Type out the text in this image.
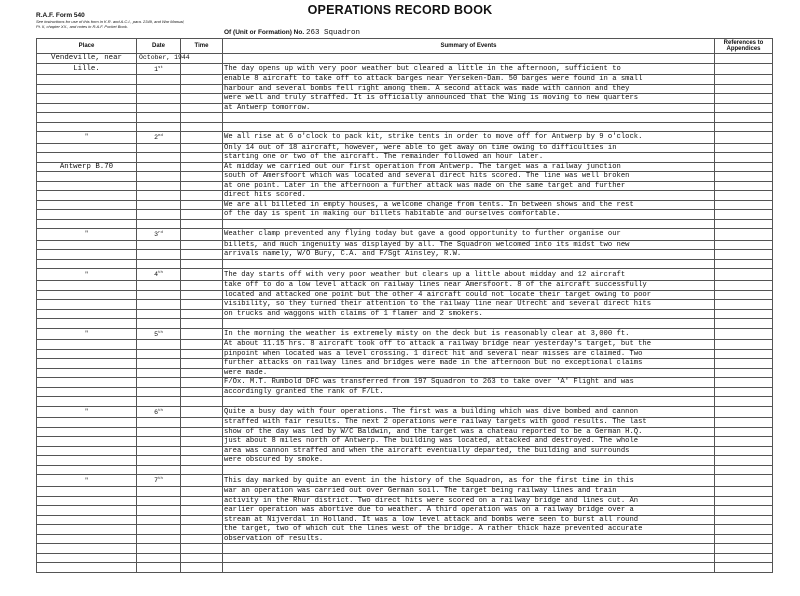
R.A.F. Form 540
See instructions for use of this form in K.R. and A.C.I., para. 2349, and War Manual, Pt. II, chapter XX., and notes in R.A.F. Pocket Book.
OPERATIONS RECORD BOOK
Of (Unit or Formation) No. 263 Squadron
Place	Date	Time	Summary of Events	References to Appendices
Vendeville, near	October, 1944			
Lille.	1st		The day opens up with very poor weather but cleared a little in the afternoon, sufficient to	
			enable 8 aircraft to take off to attack barges near Yerseken-Dam. 50 barges were found in a small	
			harbour and several bombs fell right among them. A second attack was made with cannon and they	
			were well and truly straffed. It is officially announced that the Wing is moving to new quarters	
			at Antwerp tomorrow.	

"	2nd		We all rise at 6 o'clock to pack kit, strike tents in order to move off for Antwerp by 9 o'clock.	
			Only 14 out of 18 aircraft, however, were able to get away on time owing to difficulties in	
			starting one or two of the aircraft. The remainder followed an hour later.	
Antwerp B.70			At midday we carried out our first operation from Antwerp. The target was a railway junction	
			south of Amersfoort which was located and several direct hits scored. The line was well broken	
			at one point. Later in the afternoon a further attack was made on the same target and further	
			direct hits scored.	
			We are all billeted in empty houses, a welcome change from tents. In between shows and the rest	
			of the day is spent in making our billets habitable and ourselves comfortable.	

"	3rd		Weather clamp prevented any flying today but gave a good opportunity to further organise our	
			billets, and much ingenuity was displayed by all. The Squadron welcomed into its midst two new	
			arrivals namely, W/O Bury, C.A. and F/Sgt Ainsley, R.W.	

"	4th		The day starts off with very poor weather but clears up a little about midday and 12 aircraft	
			take off to do a low level attack on railway lines near Amersfoort. 8 of the aircraft successfully	
			located and attacked one point but the other 4 aircraft could not locate their target owing to poor	
			visibility, so they turned their attention to the railway line near Utrecht and several direct hits	
			on trucks and waggons with claims of 1 flamer and 2 smokers.	

"	5th		In the morning the weather is extremely misty on the deck but is reasonably clear at 3,000 ft.	
			At about 11.15 hrs. 8 aircraft took off to attack a railway bridge near yesterday's target, but the	
			pinpoint when located was a level crossing. 1 direct hit and several near misses are claimed. Two	
			further attacks on railway lines and bridges were made in the afternoon but no exceptional claims	
			were made.	
			F/Ox. M.T. Rumbold DFC was transferred from 197 Squadron to 263 to take over 'A' Flight and was	
			accordingly granted the rank of F/Lt.	

"	6th		Quite a busy day with four operations. The first was a building which was dive bombed and cannon	
			straffed with fair results. The next 2 operations were railway targets with good results. The last	
			show of the day was led by W/C Baldwin, and the target was a chateau reported to be a German H.Q.	
			just about 8 miles north of Antwerp. The building was located, attacked and destroyed. The whole	
			area was cannon straffed and when the aircraft eventually departed, the building and surrounds	
			were obscured by smoke.	

"	7th		This day marked by quite an event in the history of the Squadron, as for the first time in this	
			war an operation was carried out over German soil. The target being railway lines and train	
			activity in the Rhur district. Two direct hits were scored on a railway bridge and lines cut. An	
			earlier operation was abortive due to weather. A third operation was on a railway bridge over a	
			stream at Nijverdal in Holland. It was a low level attack and bombs were seen to burst all round	
			the target, two of which cut the lines west of the bridge. A rather thick haze prevented accurate	
			observation of results.	
